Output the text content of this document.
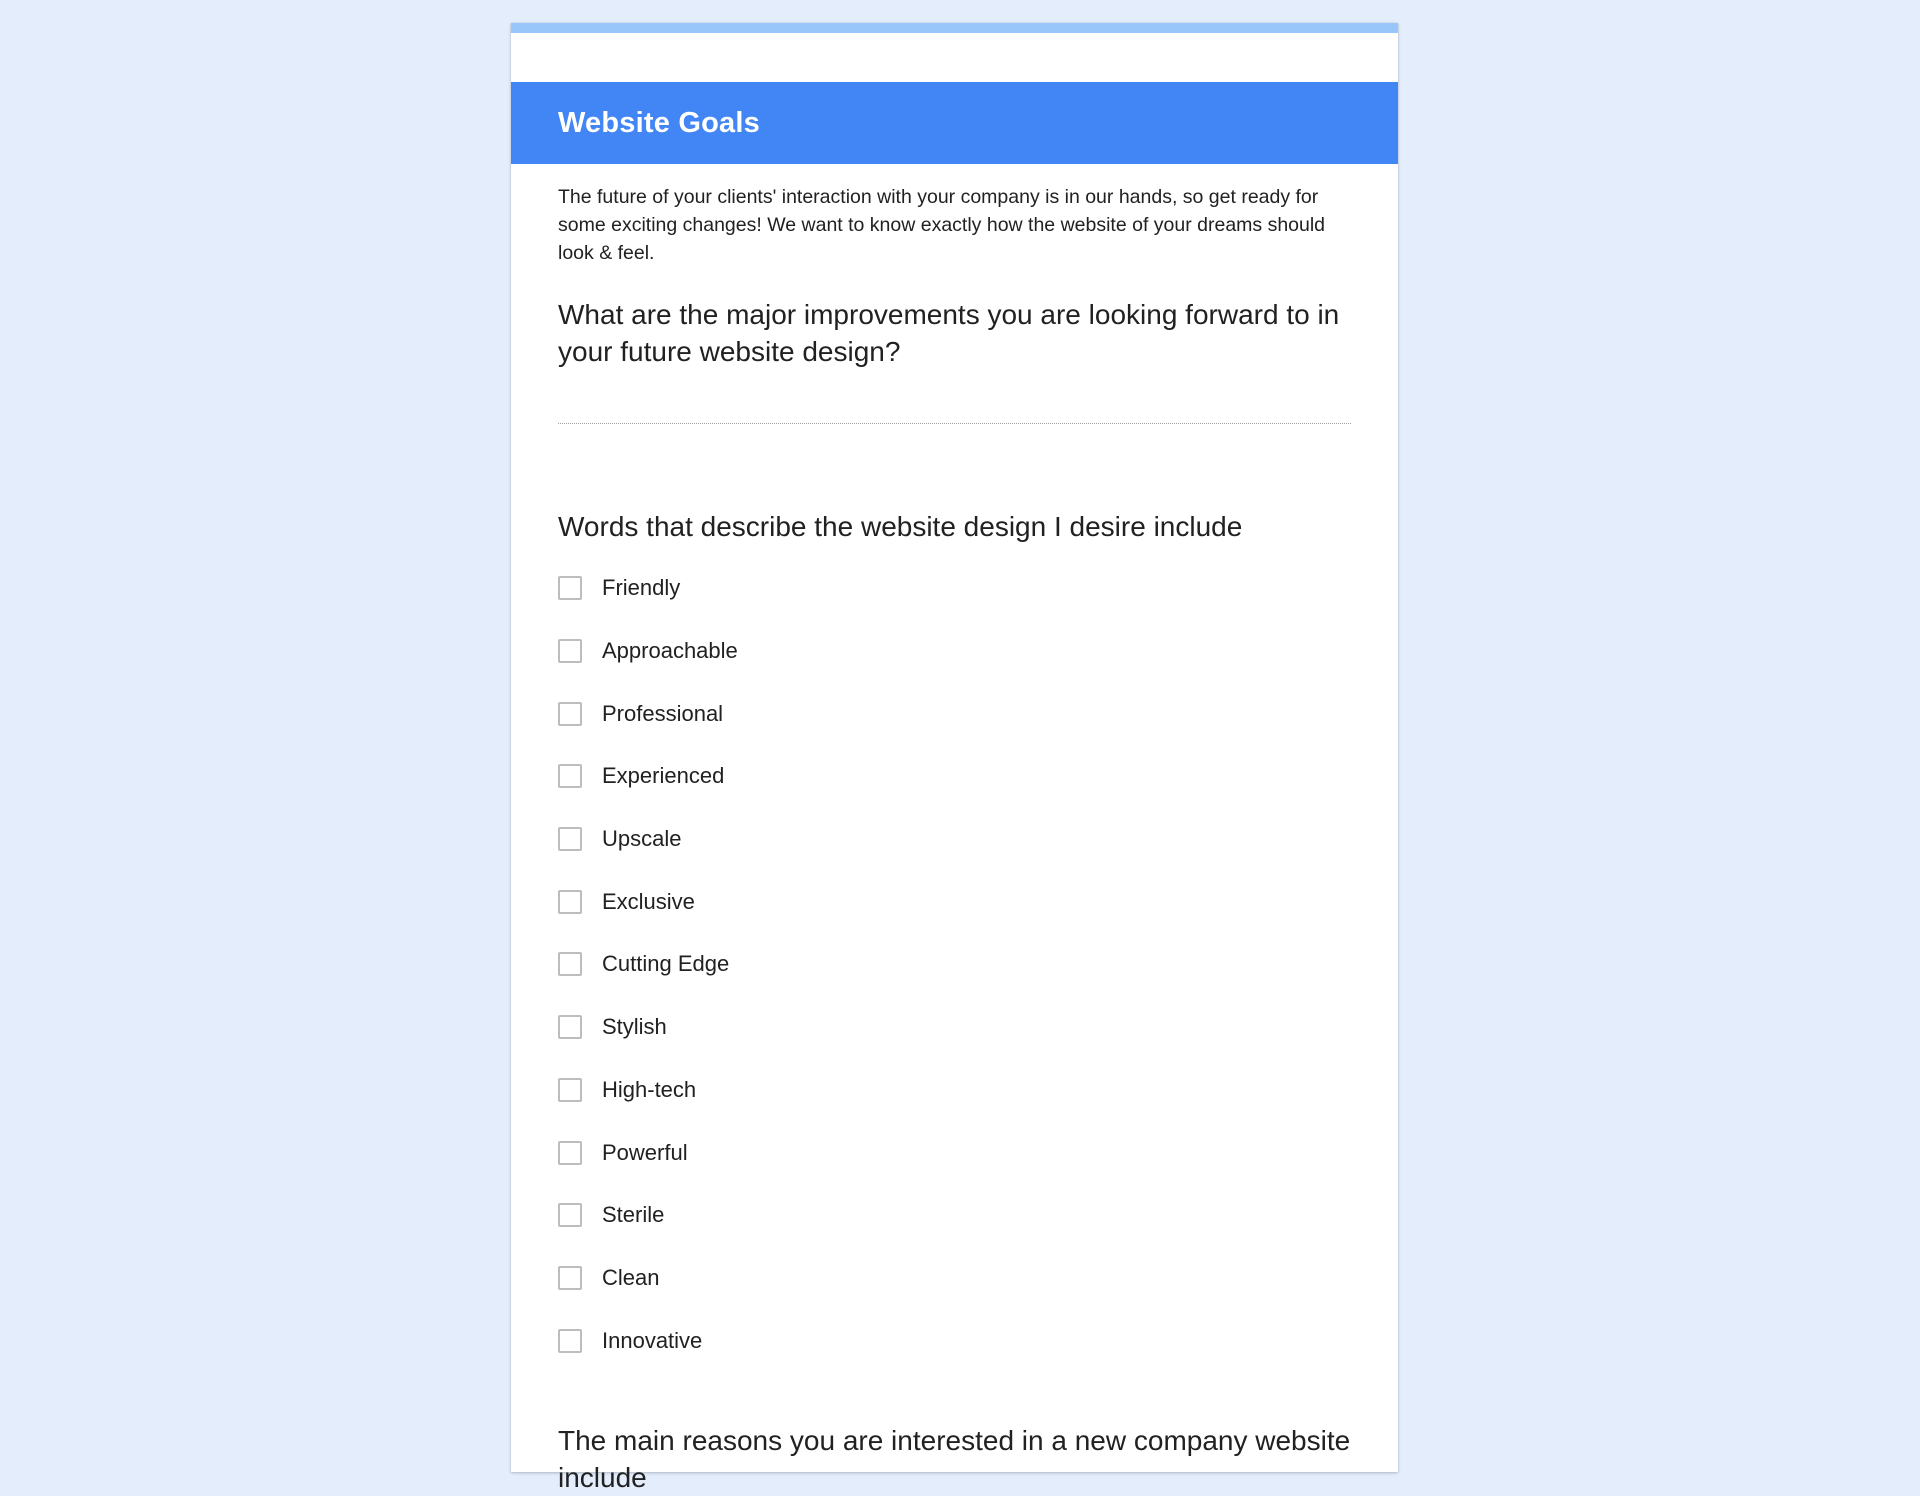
Website Goals
The future of your clients' interaction with your company is in our hands, so get ready for some exciting changes! We want to know exactly how the website of your dreams should look & feel.
What are the major improvements you are looking forward to in your future website design?
Words that describe the website design I desire include
Friendly
Approachable
Professional
Experienced
Upscale
Exclusive
Cutting Edge
Stylish
High-tech
Powerful
Sterile
Clean
Innovative
The main reasons you are interested in a new company website include
